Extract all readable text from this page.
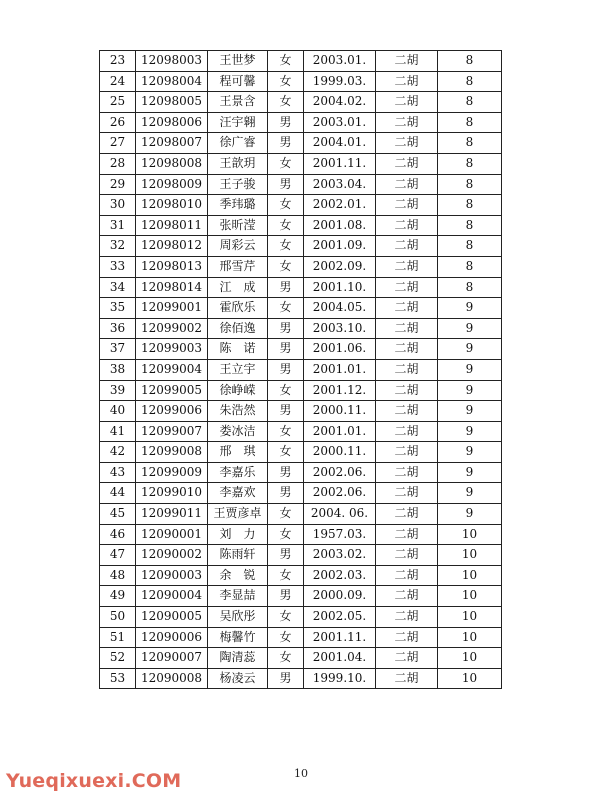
23	12098003	王世梦	女	2003.01.	二胡	8
24	12098004	程可馨	女	1999.03.	二胡	8
25	12098005	王景含	女	2004.02.	二胡	8
26	12098006	汪宇翱	男	2003.01.	二胡	8
27	12098007	徐广睿	男	2004.01.	二胡	8
28	12098008	王歆玥	女	2001.11.	二胡	8
29	12098009	王子骏	男	2003.04.	二胡	8
30	12098010	季玮璐	女	2002.01.	二胡	8
31	12098011	张昕滢	女	2001.08.	二胡	8
32	12098012	周彩云	女	2001.09.	二胡	8
33	12098013	邢雪芹	女	2002.09.	二胡	8
34	12098014	江　成	男	2001.10.	二胡	8
35	12099001	霍欣乐	女	2004.05.	二胡	9
36	12099002	徐佰逸	男	2003.10.	二胡	9
37	12099003	陈　诺	男	2001.06.	二胡	9
38	12099004	王立宇	男	2001.01.	二胡	9
39	12099005	徐峥嵘	女	2001.12.	二胡	9
40	12099006	朱浩然	男	2000.11.	二胡	9
41	12099007	娄冰洁	女	2001.01.	二胡	9
42	12099008	邢　琪	女	2000.11.	二胡	9
43	12099009	李嘉乐	男	2002.06.	二胡	9
44	12099010	李嘉欢	男	2002.06.	二胡	9
45	12099011	王贾彦卓	女	2004. 06.	二胡	9
46	12090001	刘　力	女	1957.03.	二胡	10
47	12090002	陈雨轩	男	2003.02.	二胡	10
48	12090003	余　锐	女	2002.03.	二胡	10
49	12090004	李显喆	男	2000.09.	二胡	10
50	12090005	吴欣彤	女	2002.05.	二胡	10
51	12090006	梅馨竹	女	2001.11.	二胡	10
52	12090007	陶清蕊	女	2001.04.	二胡	10
53	12090008	杨凌云	男	1999.10.	二胡	10
10
Yueqixuexi.COM
